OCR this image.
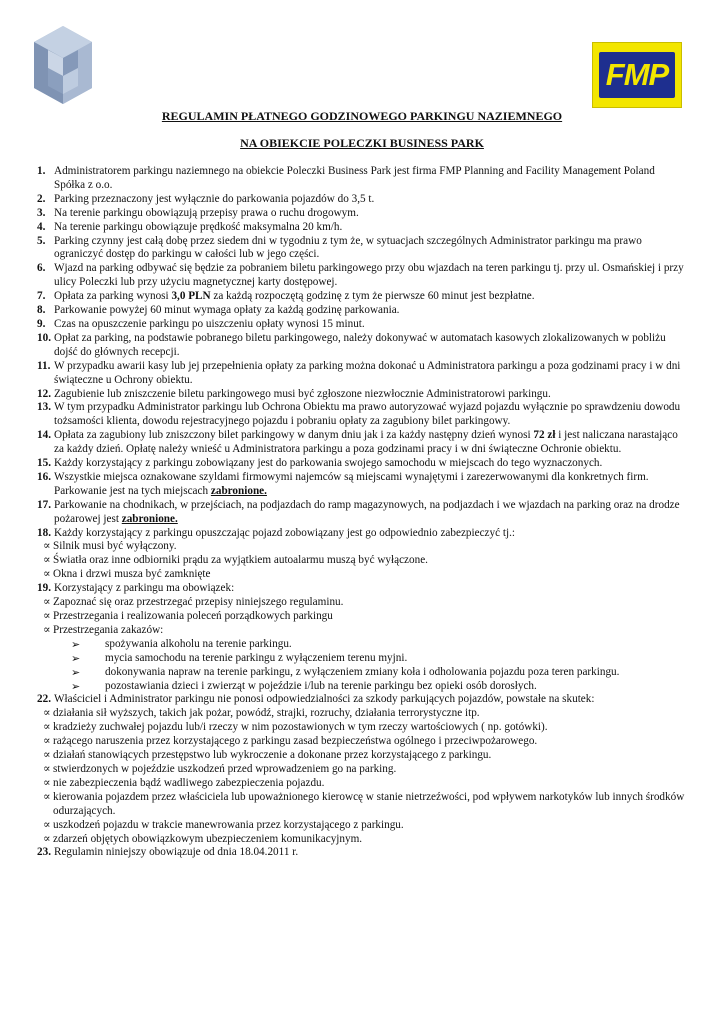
FMP
REGULAMIN PŁATNEGO GODZINOWEGO PARKINGU NAZIEMNEGO
NA OBIEKCIE POLECZKI BUSINESS PARK
1. Administratorem parkingu naziemnego na obiekcie Poleczki Business Park jest firma FMP Planning and Facility Management Poland Spółka z o.o.
2. Parking przeznaczony jest wyłącznie do parkowania pojazdów do 3,5 t.
3. Na terenie parkingu obowiązują przepisy prawa o ruchu drogowym.
4. Na terenie parkingu obowiązuje prędkość maksymalna 20 km/h.
5. Parking czynny jest całą dobę przez siedem dni w tygodniu z tym że, w sytuacjach szczególnych Administrator parkingu ma prawo ograniczyć dostęp do parkingu w całości lub w jego części.
6. Wjazd na parking odbywać się będzie za pobraniem biletu parkingowego przy obu wjazdach na teren parkingu tj. przy ul. Osmańskiej i przy ulicy Poleczki lub przy użyciu magnetycznej karty dostępowej.
7. Opłata za parking wynosi 3,0 PLN za każdą rozpoczętą godzinę z tym że pierwsze 60 minut jest bezpłatne.
8. Parkowanie powyżej 60 minut wymaga opłaty za każdą godzinę parkowania.
9. Czas na opuszczenie parkingu po uiszczeniu opłaty wynosi 15 minut.
10. Opłat za parking, na podstawie pobranego biletu parkingowego, należy dokonywać w automatach kasowych zlokalizowanych w pobliżu dojść do głównych recepcji.
11. W przypadku awarii kasy lub jej przepełnienia opłaty za parking można dokonać u Administratora parkingu a poza godzinami pracy i w dni świąteczne u Ochrony obiektu.
12. Zagubienie lub zniszczenie biletu parkingowego musi być zgłoszone niezwłocznie Administratorowi parkingu.
13. W tym przypadku Administrator parkingu lub Ochrona Obiektu ma prawo autoryzować wyjazd pojazdu wyłącznie po sprawdzeniu dowodu tożsamości klienta, dowodu rejestracyjnego pojazdu i pobraniu opłaty za zagubiony bilet parkingowy.
14. Opłata za zagubiony lub zniszczony bilet parkingowy w danym dniu jak i za każdy następny dzień wynosi 72 zł i jest naliczana narastająco za każdy dzień. Opłatę należy wnieść u Administratora parkingu a poza godzinami pracy i w dni świąteczne Ochronie obiektu.
15. Każdy korzystający z parkingu zobowiązany jest do parkowania swojego samochodu w miejscach do tego wyznaczonych.
16. Wszystkie miejsca oznakowane szyldami firmowymi najemców są miejscami wynajętymi i zarezerwowanymi dla konkretnych firm. Parkowanie jest na tych miejscach zabronione.
17. Parkowanie na chodnikach, w przejściach, na podjazdach do ramp magazynowych, na podjazdach i we wjazdach na parking oraz na drodze pożarowej jest zabronione.
18. Każdy korzystający z parkingu opuszczając pojazd zobowiązany jest go odpowiednio zabezpieczyć tj.:
∝ Silnik musi być wyłączony.
∝ Światła oraz inne odbiorniki prądu za wyjątkiem autoalarmu muszą być wyłączone.
∝ Okna i drzwi musza być zamknięte
19. Korzystający z parkingu ma obowiązek:
∝ Zapoznać się oraz przestrzegać przepisy niniejszego regulaminu.
∝ Przestrzegania i realizowania poleceń porządkowych parkingu
∝ Przestrzegania zakazów:
➢ spożywania alkoholu na terenie parkingu.
➢ mycia samochodu na terenie parkingu z wyłączeniem terenu myjni.
➢ dokonywania napraw na terenie parkingu, z wyłączeniem zmiany koła i odholowania pojazdu poza teren parkingu.
➢ pozostawiania dzieci i zwierząt w pojeździe i/lub na terenie parkingu bez opieki osób dorosłych.
22. Właściciel i Administrator parkingu nie ponosi odpowiedzialności za szkody parkujących pojazdów, powstałe na skutek:
∝ działania sił wyższych, takich jak pożar, powódź, strajki, rozruchy, działania terrorystyczne itp.
∝ kradzieży zuchwałej pojazdu lub/i rzeczy w nim pozostawionych w tym rzeczy wartościowych ( np. gotówki).
∝ rażącego naruszenia przez korzystającego z parkingu zasad bezpieczeństwa ogólnego i przeciwpożarowego.
∝ działań stanowiących przestępstwo lub wykroczenie a dokonane przez korzystającego z parkingu.
∝ stwierdzonych w pojeździe uszkodzeń przed wprowadzeniem go na parking.
∝ nie zabezpieczenia bądź wadliwego zabezpieczenia pojazdu.
∝ kierowania pojazdem przez właściciela lub upoważnionego kierowcę w stanie nietrzeźwości, pod wpływem narkotyków lub innych środków odurzających.
∝ uszkodzeń pojazdu w trakcie manewrowania przez korzystającego z parkingu.
∝ zdarzeń objętych obowiązkowym ubezpieczeniem komunikacyjnym.
23. Regulamin niniejszy obowiązuje od dnia 18.04.2011 r.
